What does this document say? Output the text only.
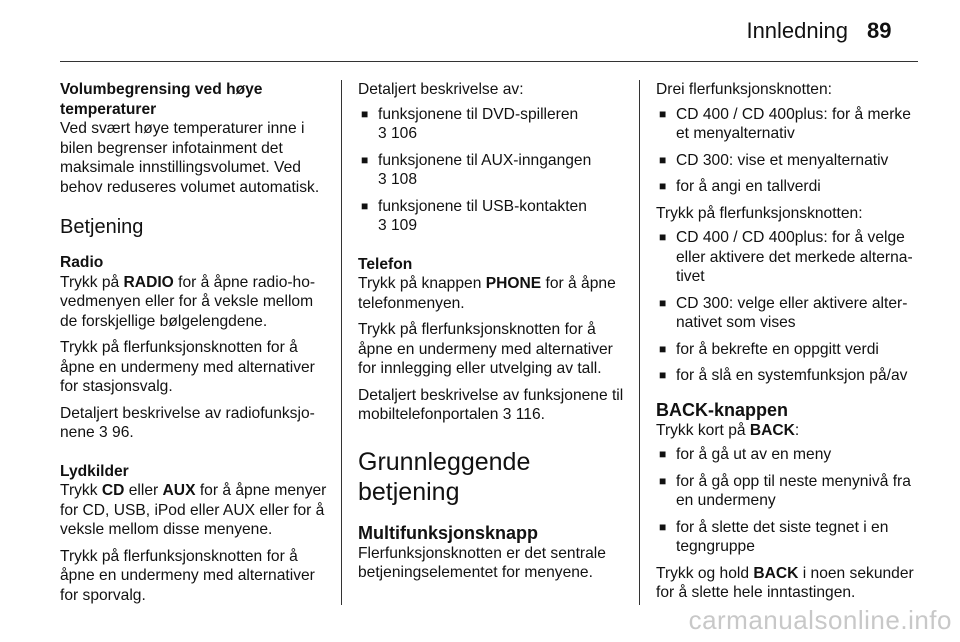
Innledning 89
Volumbegrensing ved høye temperaturer

Ved svært høye temperaturer inne i bilen begrenser infotainment det maksimale innstillingsvolumet. Ved behov reduseres volumet automatisk.

Betjening
Radio

Trykk på RADIO for å åpne radio-hovedmenyen eller for å veksle mellom de forskjellige bølgelengdene.

Trykk på flerfunksjonsknotten for å åpne en undermeny med alternativer for stasjonsvalg.

Detaljert beskrivelse av radiofunksjonene 3 96.

Lydkilder

Trykk CD eller AUX for å åpne menyer for CD, USB, iPod eller AUX eller for å veksle mellom disse menyene.

Trykk på flerfunksjonsknotten for å åpne en undermeny med alternativer for sporvalg.

Detaljert beskrivelse av:

■ funksjonene til DVD-spilleren
3 106
■ funksjonene til AUX-inngangen
3 108
■ funksjonene til USB-kontakten
3 109
Telefon

Trykk på knappen PHONE for å åpne telefonmenyen.

Trykk på flerfunksjonsknotten for å åpne en undermeny med alternativer for innlegging eller utvelging av tall.

Detaljert beskrivelse av funksjonene til mobiltelefonportalen 3 116.

Grunnleggende betjening
Multifunksjonsknapp

Flerfunksjonsknotten er det sentrale betjeningselementet for menyene.

Drei flerfunksjonsknotten:

■ CD 400 / CD 400plus: for å merke et menyalternativ
■ CD 300: vise et menyalternativ
■ for å angi en tallverdi

Trykk på flerfunksjonsknotten:

■ CD 400 / CD 400plus: for å velge eller aktivere det merkede alternativet
■ CD 300: velge eller aktivere alternativet som vises
■ for å bekrefte en oppgitt verdi
■ for å slå en systemfunksjon på/av
BACK-knappen

Trykk kort på BACK:

■ for å gå ut av en meny
■ for å gå opp til neste menynivå fra en undermeny
■ for å slette det siste tegnet i en tegngruppe

Trykk og hold BACK i noen sekunder for å slette hele inntastingen.

carmanualsonline.info
